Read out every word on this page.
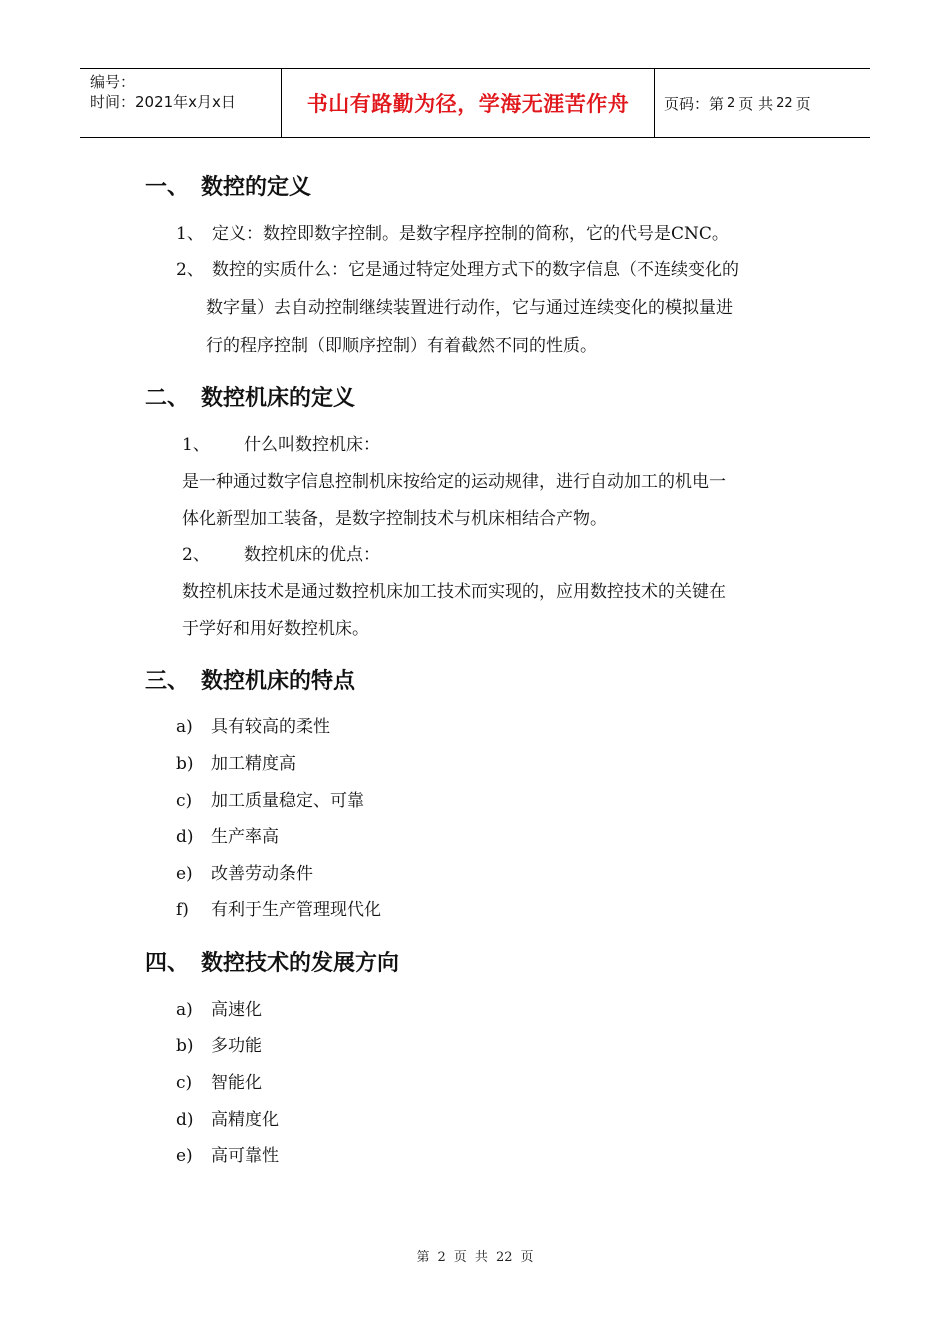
编号：
时间：2021年x月x日	书山有路勤为径，学海无涯苦作舟	页码：第 2 页 共 22 页
一、 数控的定义
1、 定义：数控即数字控制。是数字程序控制的简称，它的代号是CNC。
2、 数控的实质什么：它是通过特定处理方式下的数字信息（不连续变化的
数字量）去自动控制继续装置进行动作，它与通过连续变化的模拟量进
行的程序控制（即顺序控制）有着截然不同的性质。
二、 数控机床的定义
1、 什么叫数控机床：
是一种通过数字信息控制机床按给定的运动规律，进行自动加工的机电一
体化新型加工装备，是数字控制技术与机床相结合产物。
2、 数控机床的优点：
数控机床技术是通过数控机床加工技术而实现的，应用数控技术的关键在
于学好和用好数控机床。
三、 数控机床的特点
a) 具有较高的柔性
b) 加工精度高
c) 加工质量稳定、可靠
d) 生产率高
e) 改善劳动条件
f) 有利于生产管理现代化
四、 数控技术的发展方向
a) 高速化
b) 多功能
c) 智能化
d) 高精度化
e) 高可靠性
第 2 页 共 22 页
